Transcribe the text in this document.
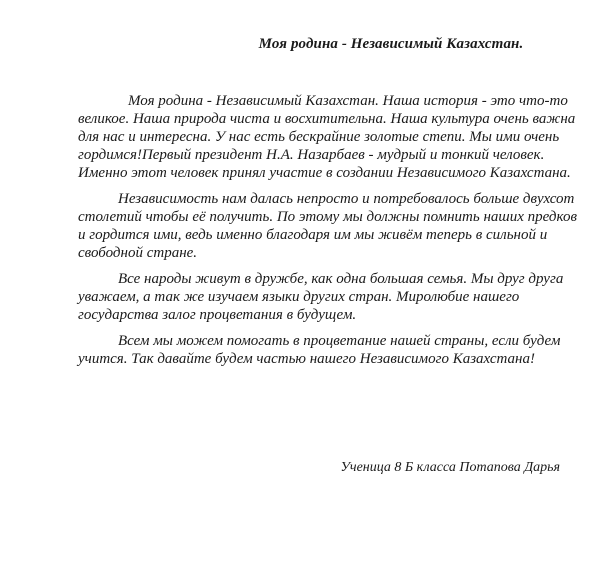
Моя родина - Независимый Казахстан.

Моя родина - Независимый Казахстан. Наша история - это что-то великое. Наша природа чиста и восхитительна. Наша культура очень важна для нас и интересна. У нас есть бескрайние золотые степи. Мы ими очень гордимся!Первый президент Н.А. Назарбаев - мудрый и тонкий человек. Именно этот человек принял участие в создании Независимого Казахстана.

Независимость нам далась непросто и потребовалось больше двухсот столетий чтобы её получить. По этому мы должны помнить наших предков и гордится ими, ведь именно благодаря им мы живём теперь в сильной и свободной стране.

Все народы живут в дружбе, как одна большая семья. Мы друг друга уважаем, а так же изучаем языки других стран. Миролюбие нашего государства залог процветания в будущем.

Всем мы можем помогать в процветание нашей страны, если будем учится. Так давайте будем частью нашего Независимого Казахстана!

Ученица 8 Б класса Потапова Дарья
